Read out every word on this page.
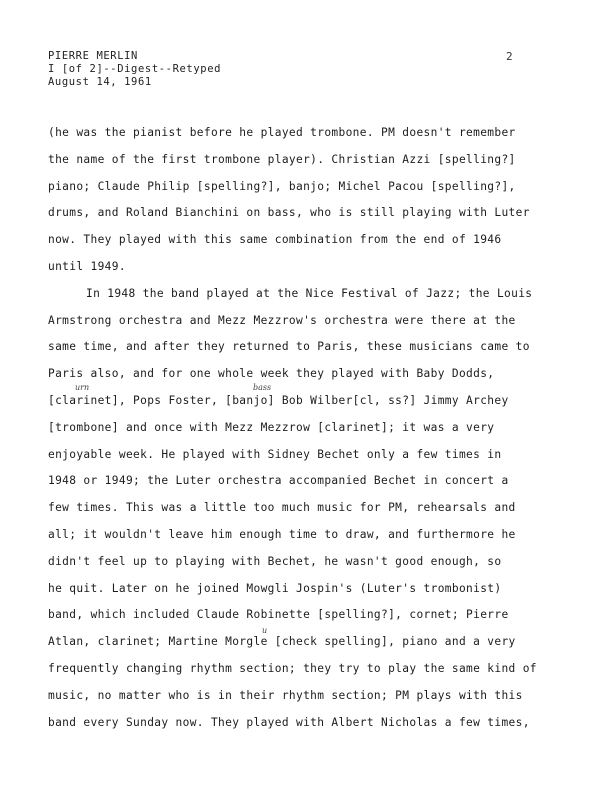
PIERRE MERLIN
I [of 2]--Digest--Retyped
August 14, 1961
2
urn	bass
u
(he was the pianist before he played trombone. PM doesn't remember
the name of the first trombone player). Christian Azzi [spelling?]
piano; Claude Philip [spelling?], banjo; Michel Pacou [spelling?],
drums, and Roland Bianchini on bass, who is still playing with Luter
now. They played with this same combination from the end of 1946
until 1949.
In 1948 the band played at the Nice Festival of Jazz; the Louis
Armstrong orchestra and Mezz Mezzrow's orchestra were there at the
same time, and after they returned to Paris, these musicians came to
Paris also, and for one whole week they played with Baby Dodds,
[clarinet], Pops Foster, [banjo] Bob Wilber[cl, ss?] Jimmy Archey
[trombone] and once with Mezz Mezzrow [clarinet]; it was a very
enjoyable week. He played with Sidney Bechet only a few times in
1948 or 1949; the Luter orchestra accompanied Bechet in concert a
few times. This was a little too much music for PM, rehearsals and
all; it wouldn't leave him enough time to draw, and furthermore he
didn't feel up to playing with Bechet, he wasn't good enough, so
he quit. Later on he joined Mowgli Jospin's (Luter's trombonist)
band, which included Claude Robinette [spelling?], cornet; Pierre
Atlan, clarinet; Martine Morgle [check spelling], piano and a very
frequently changing rhythm section; they try to play the same kind of
music, no matter who is in their rhythm section; PM plays with this
band every Sunday now. They played with Albert Nicholas a few times,
